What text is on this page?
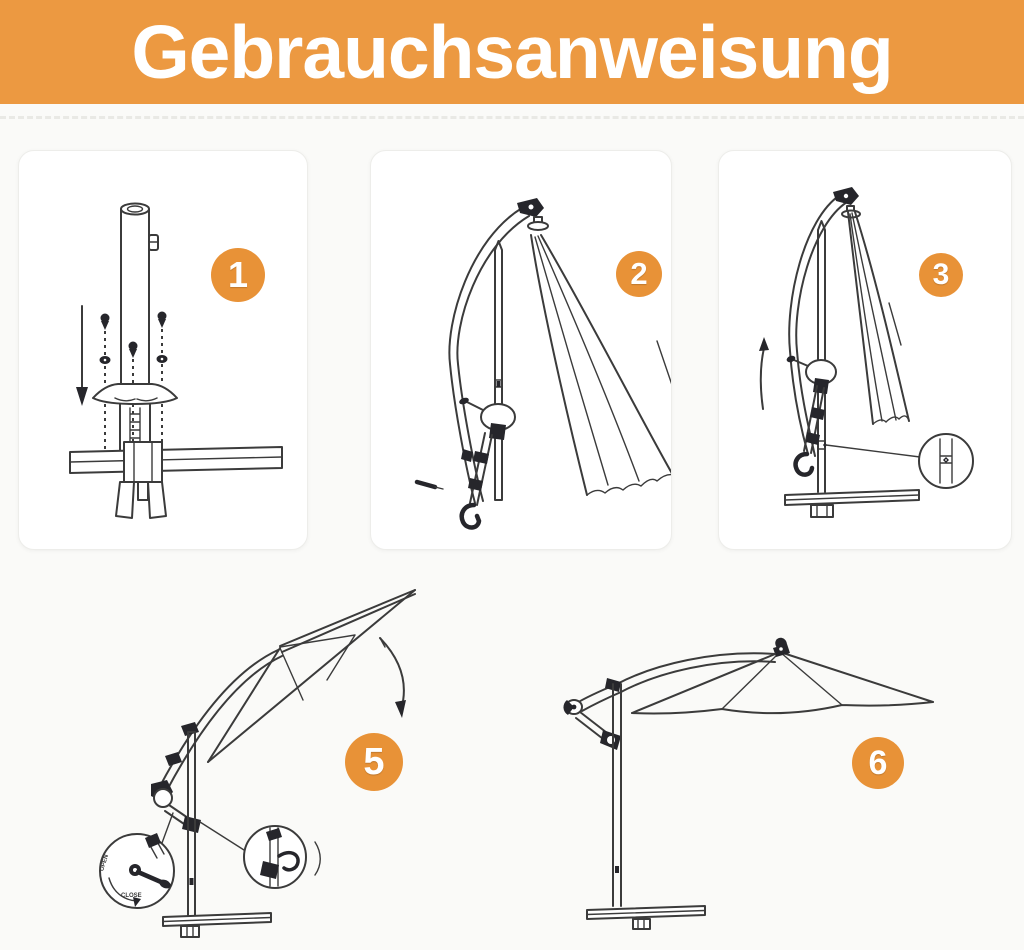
Gebrauchsanweisung
1	2	3
OPEN
CLOSE
5	6
